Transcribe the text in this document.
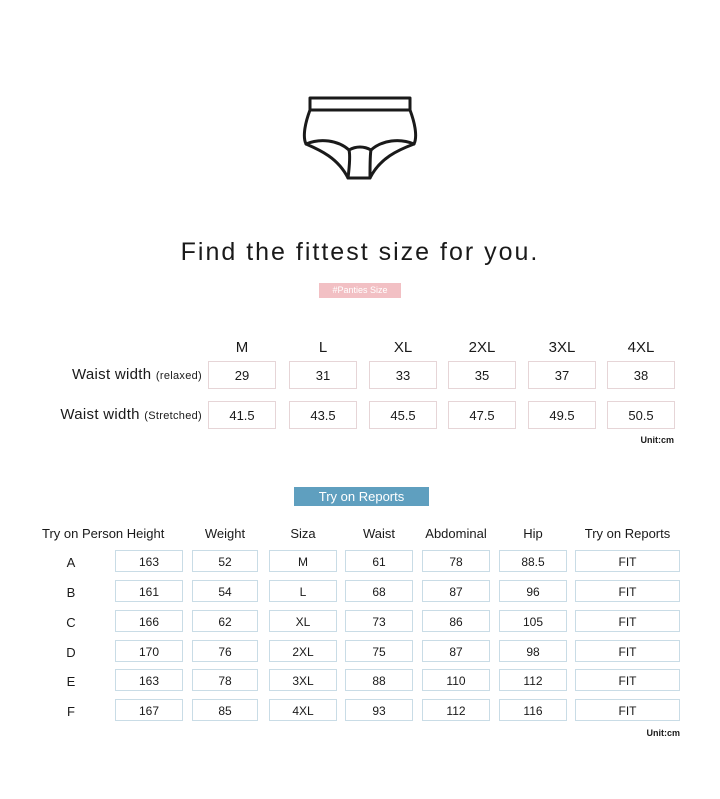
Find the fittest size for you.
#Panties Size
M	L	XL	2XL	3XL	4XL
Waist width (relaxed)	29	31	33	35	37	38
Waist width (Stretched)	41.5	43.5	45.5	47.5	49.5	50.5
Unit:cm
Try on Reports
Try on Person Height	Weight	Siza	Waist	Abdominal	Hip	Try on Reports
A	163	52	M	61	78	88.5	FIT
B	161	54	L	68	87	96	FIT
C	166	62	XL	73	86	105	FIT
D	170	76	2XL	75	87	98	FIT
E	163	78	3XL	88	110	112	FIT
F	167	85	4XL	93	112	116	FIT
Unit:cm
